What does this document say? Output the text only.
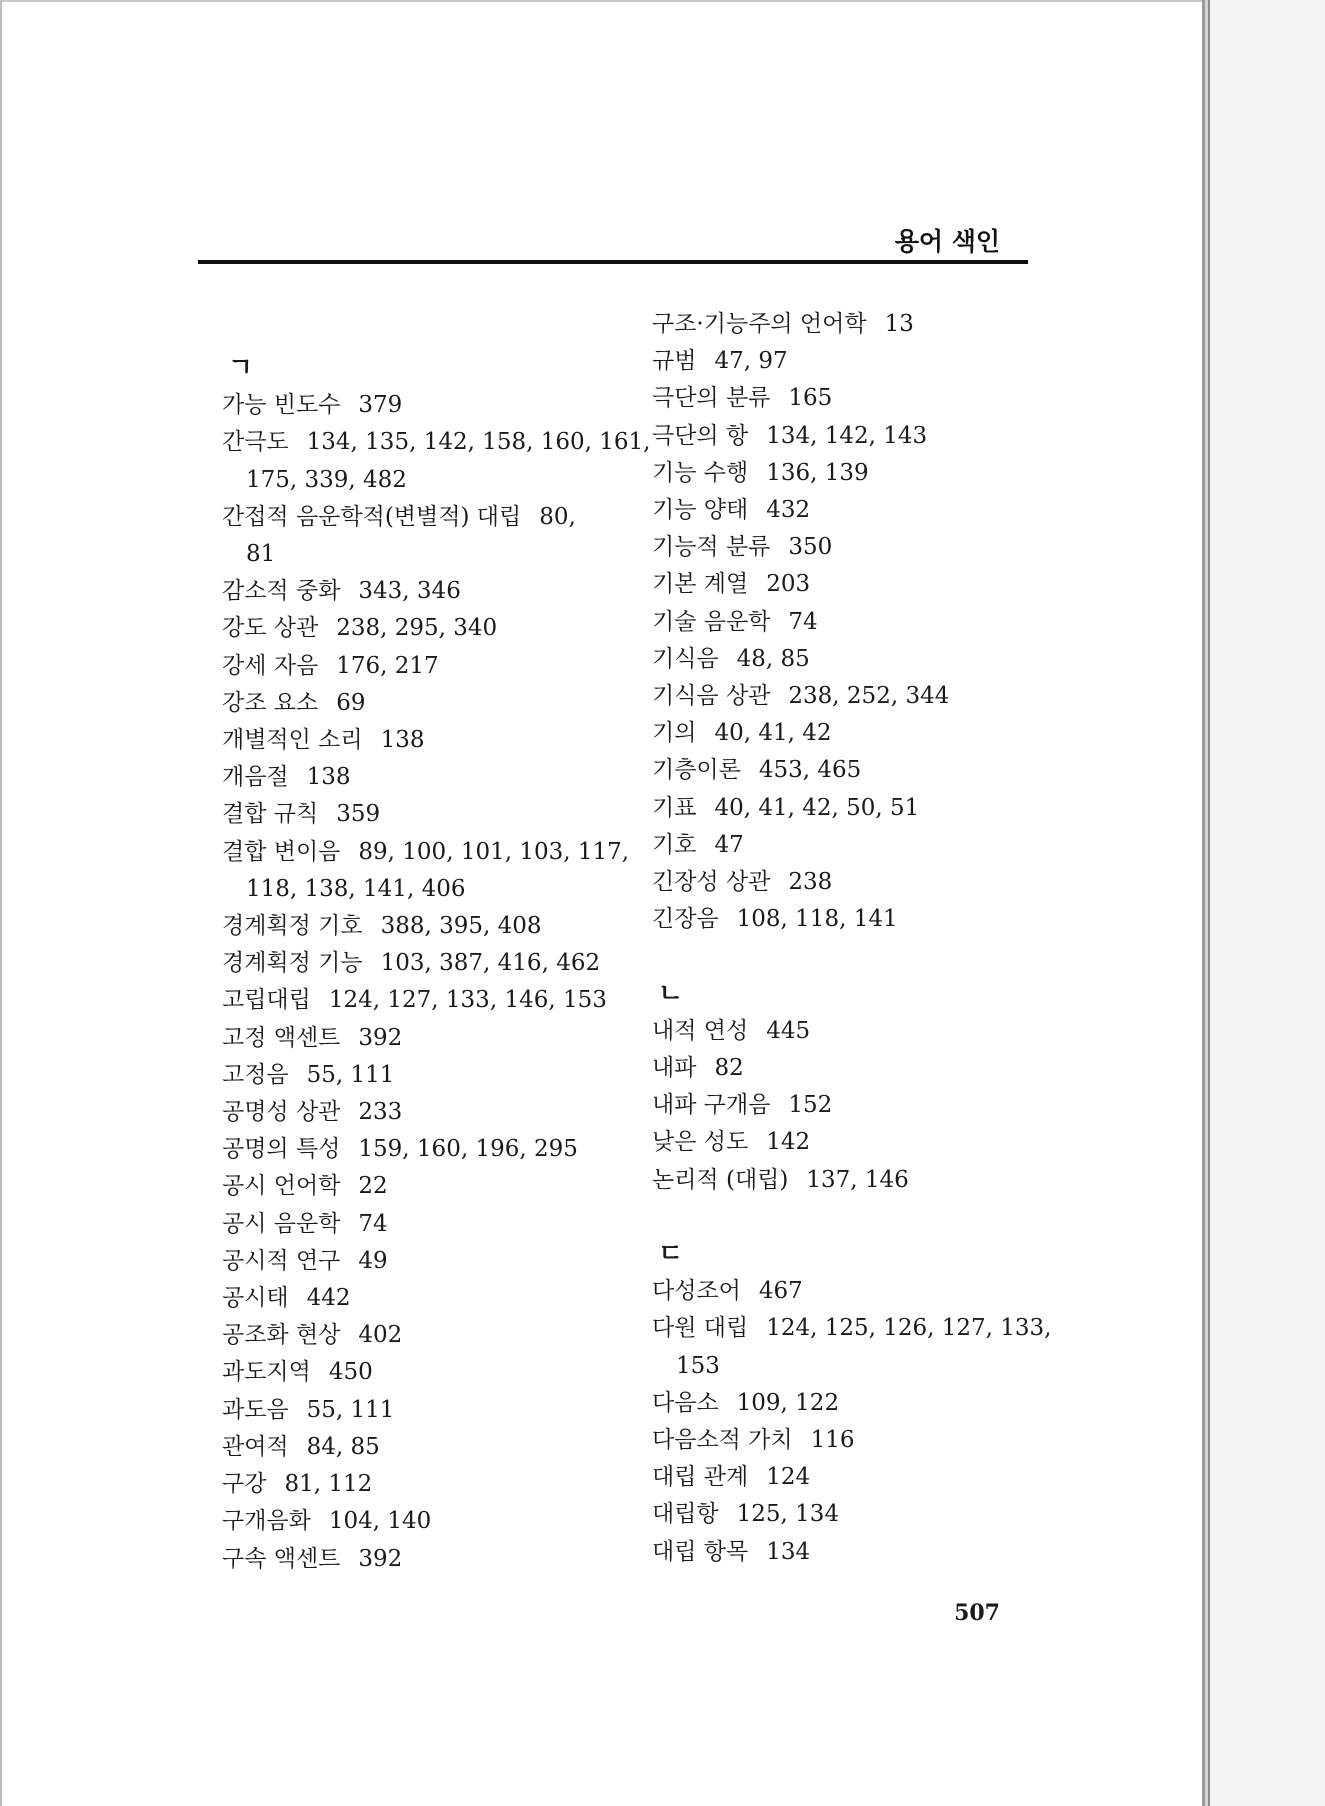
용어 색인
ㄱ
가능 빈도수 379
간극도 134, 135, 142, 158, 160, 161,
175, 339, 482
간접적 음운학적(변별적) 대립 80,
81
감소적 중화 343, 346
강도 상관 238, 295, 340
강세 자음 176, 217
강조 요소 69
개별적인 소리 138
개음절 138
결합 규칙 359
결합 변이음 89, 100, 101, 103, 117,
118, 138, 141, 406
경계획정 기호 388, 395, 408
경계획정 기능 103, 387, 416, 462
고립대립 124, 127, 133, 146, 153
고정 액센트 392
고정음 55, 111
공명성 상관 233
공명의 특성 159, 160, 196, 295
공시 언어학 22
공시 음운학 74
공시적 연구 49
공시태 442
공조화 현상 402
과도지역 450
과도음 55, 111
관여적 84, 85
구강 81, 112
구개음화 104, 140
구속 액센트 392
구조·기능주의 언어학 13
규범 47, 97
극단의 분류 165
극단의 항 134, 142, 143
기능 수행 136, 139
기능 양태 432
기능적 분류 350
기본 계열 203
기술 음운학 74
기식음 48, 85
기식음 상관 238, 252, 344
기의 40, 41, 42
기층이론 453, 465
기표 40, 41, 42, 50, 51
기호 47
긴장성 상관 238
긴장음 108, 118, 141
ㄴ
내적 연성 445
내파 82
내파 구개음 152
낮은 성도 142
논리적 (대립) 137, 146
ㄷ
다성조어 467
다원 대립 124, 125, 126, 127, 133,
153
다음소 109, 122
다음소적 가치 116
대립 관계 124
대립항 125, 134
대립 항목 134
507
